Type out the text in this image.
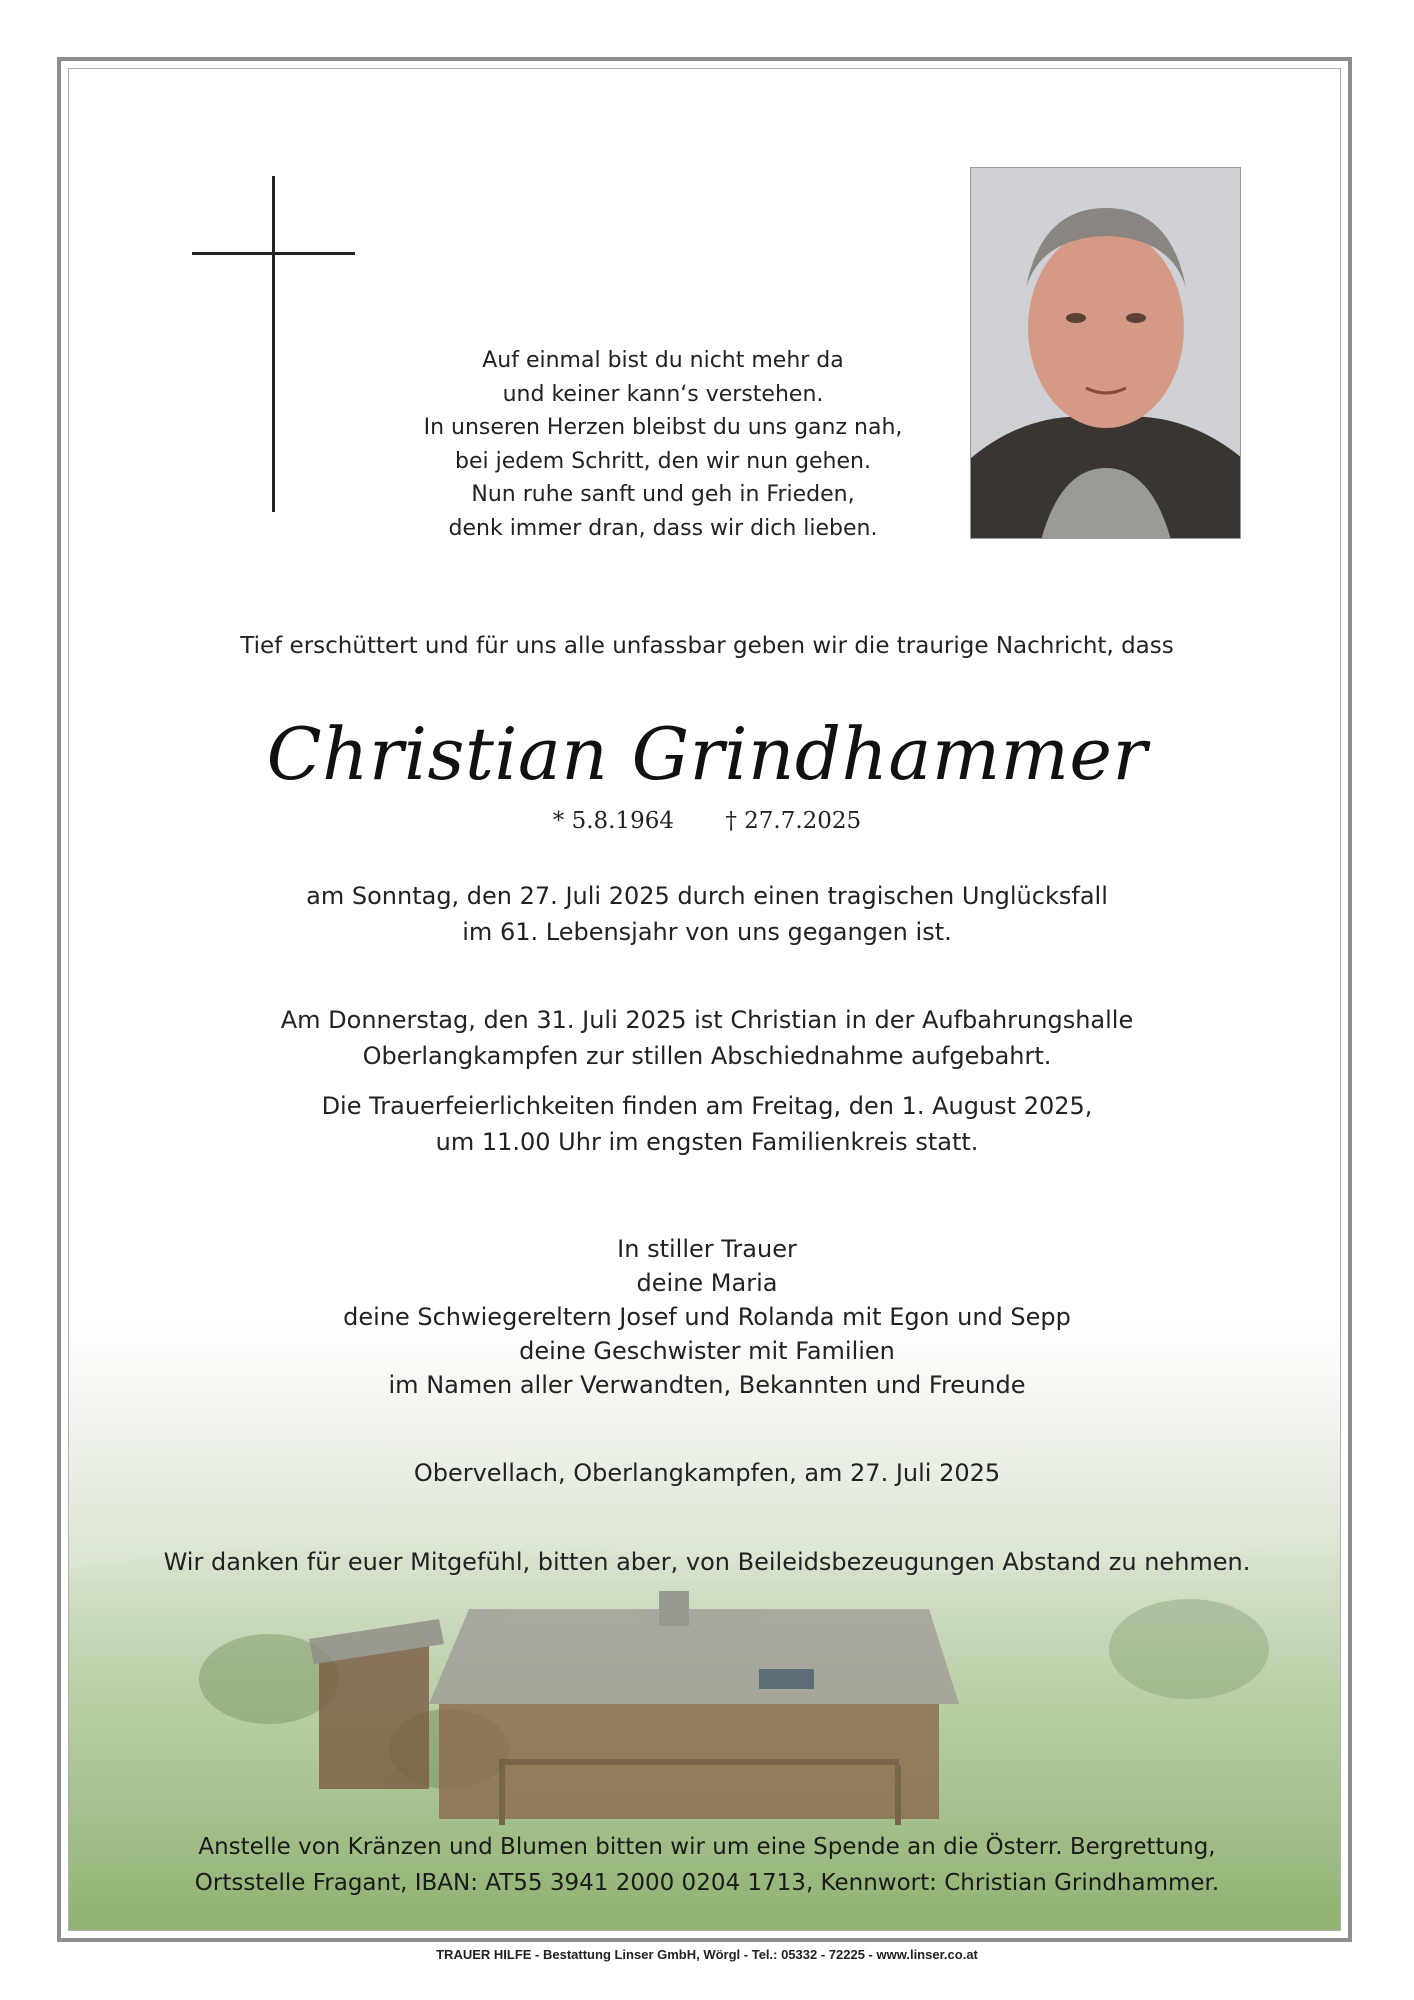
Auf einmal bist du nicht mehr da
und keiner kann‘s verstehen.
In unseren Herzen bleibst du uns ganz nah,
bei jedem Schritt, den wir nun gehen.
Nun ruhe sanft und geh in Frieden,
denk immer dran, dass wir dich lieben.
Tief erschüttert und für uns alle unfassbar geben wir die traurige Nachricht, dass
Christian Grindhammer
* 5.8.1964 † 27.7.2025
am Sonntag, den 27. Juli 2025 durch einen tragischen Unglücksfall
im 61. Lebensjahr von uns gegangen ist.
Am Donnerstag, den 31. Juli 2025 ist Christian in der Aufbahrungshalle
Oberlangkampfen zur stillen Abschiednahme aufgebahrt.
Die Trauerfeierlichkeiten finden am Freitag, den 1. August 2025,
um 11.00 Uhr im engsten Familienkreis statt.
In stiller Trauer
deine Maria
deine Schwiegereltern Josef und Rolanda mit Egon und Sepp
deine Geschwister mit Familien
im Namen aller Verwandten, Bekannten und Freunde
Obervellach, Oberlangkampfen, am 27. Juli 2025
Wir danken für euer Mitgefühl, bitten aber, von Beileidsbezeugungen Abstand zu nehmen.
Anstelle von Kränzen und Blumen bitten wir um eine Spende an die Österr. Bergrettung,
Ortsstelle Fragant, IBAN: AT55 3941 2000 0204 1713, Kennwort: Christian Grindhammer.
TRAUER HILFE - Bestattung Linser GmbH, Wörgl - Tel.: 05332 - 72225 - www.linser.co.at
